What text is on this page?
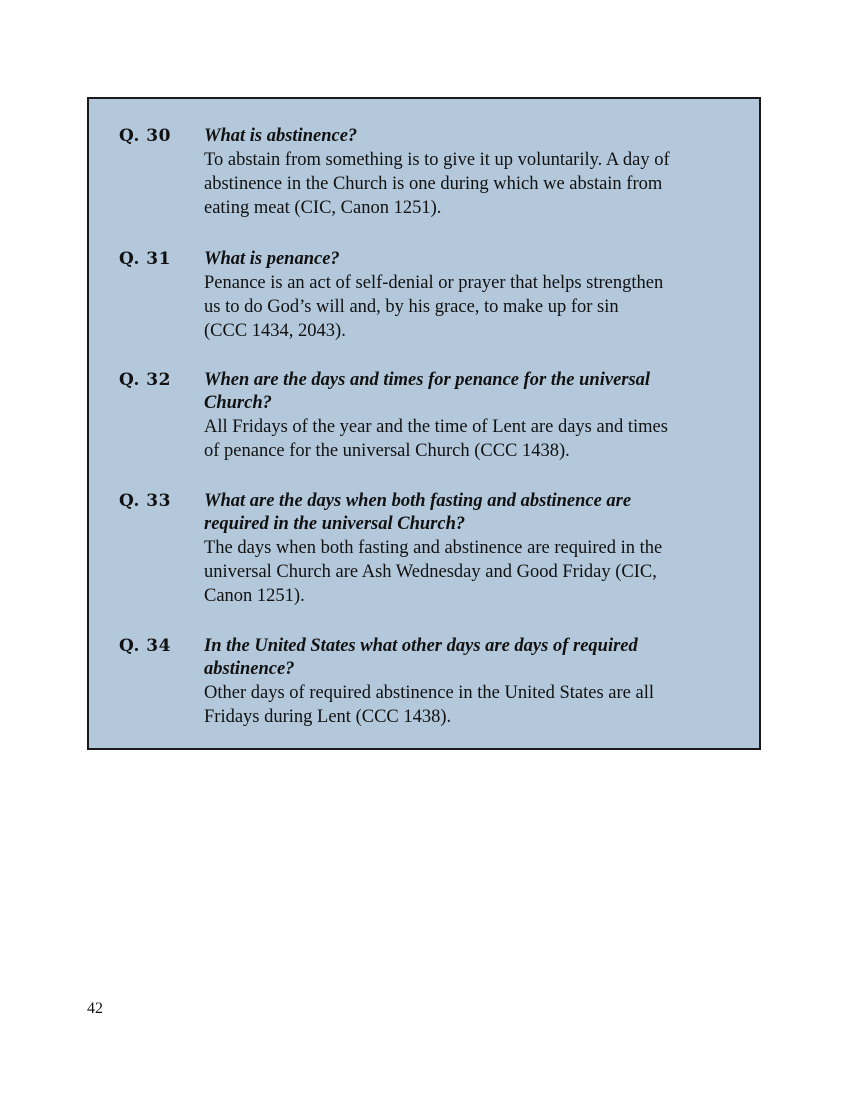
Q. 30 What is abstinence?

To abstain from something is to give it up voluntarily. A day of
abstinence in the Church is one during which we abstain from
eating meat (CIC, Canon 1251).

Q. 31 What is penance?

Penance is an act of self-denial or prayer that helps strengthen
us to do God’s will and, by his grace, to make up for sin
(CCC 1434, 2043).

Q. 32 When are the days and times for penance for the universal
Church?

All Fridays of the year and the time of Lent are days and times
of penance for the universal Church (CCC 1438).

Q. 33 What are the days when both fasting and abstinence are
required in the universal Church?

The days when both fasting and abstinence are required in the
universal Church are Ash Wednesday and Good Friday (CIC,
Canon 1251).

Q. 34 In the United States what other days are days of required
abstinence?

Other days of required abstinence in the United States are all
Fridays during Lent (CCC 1438).

42
